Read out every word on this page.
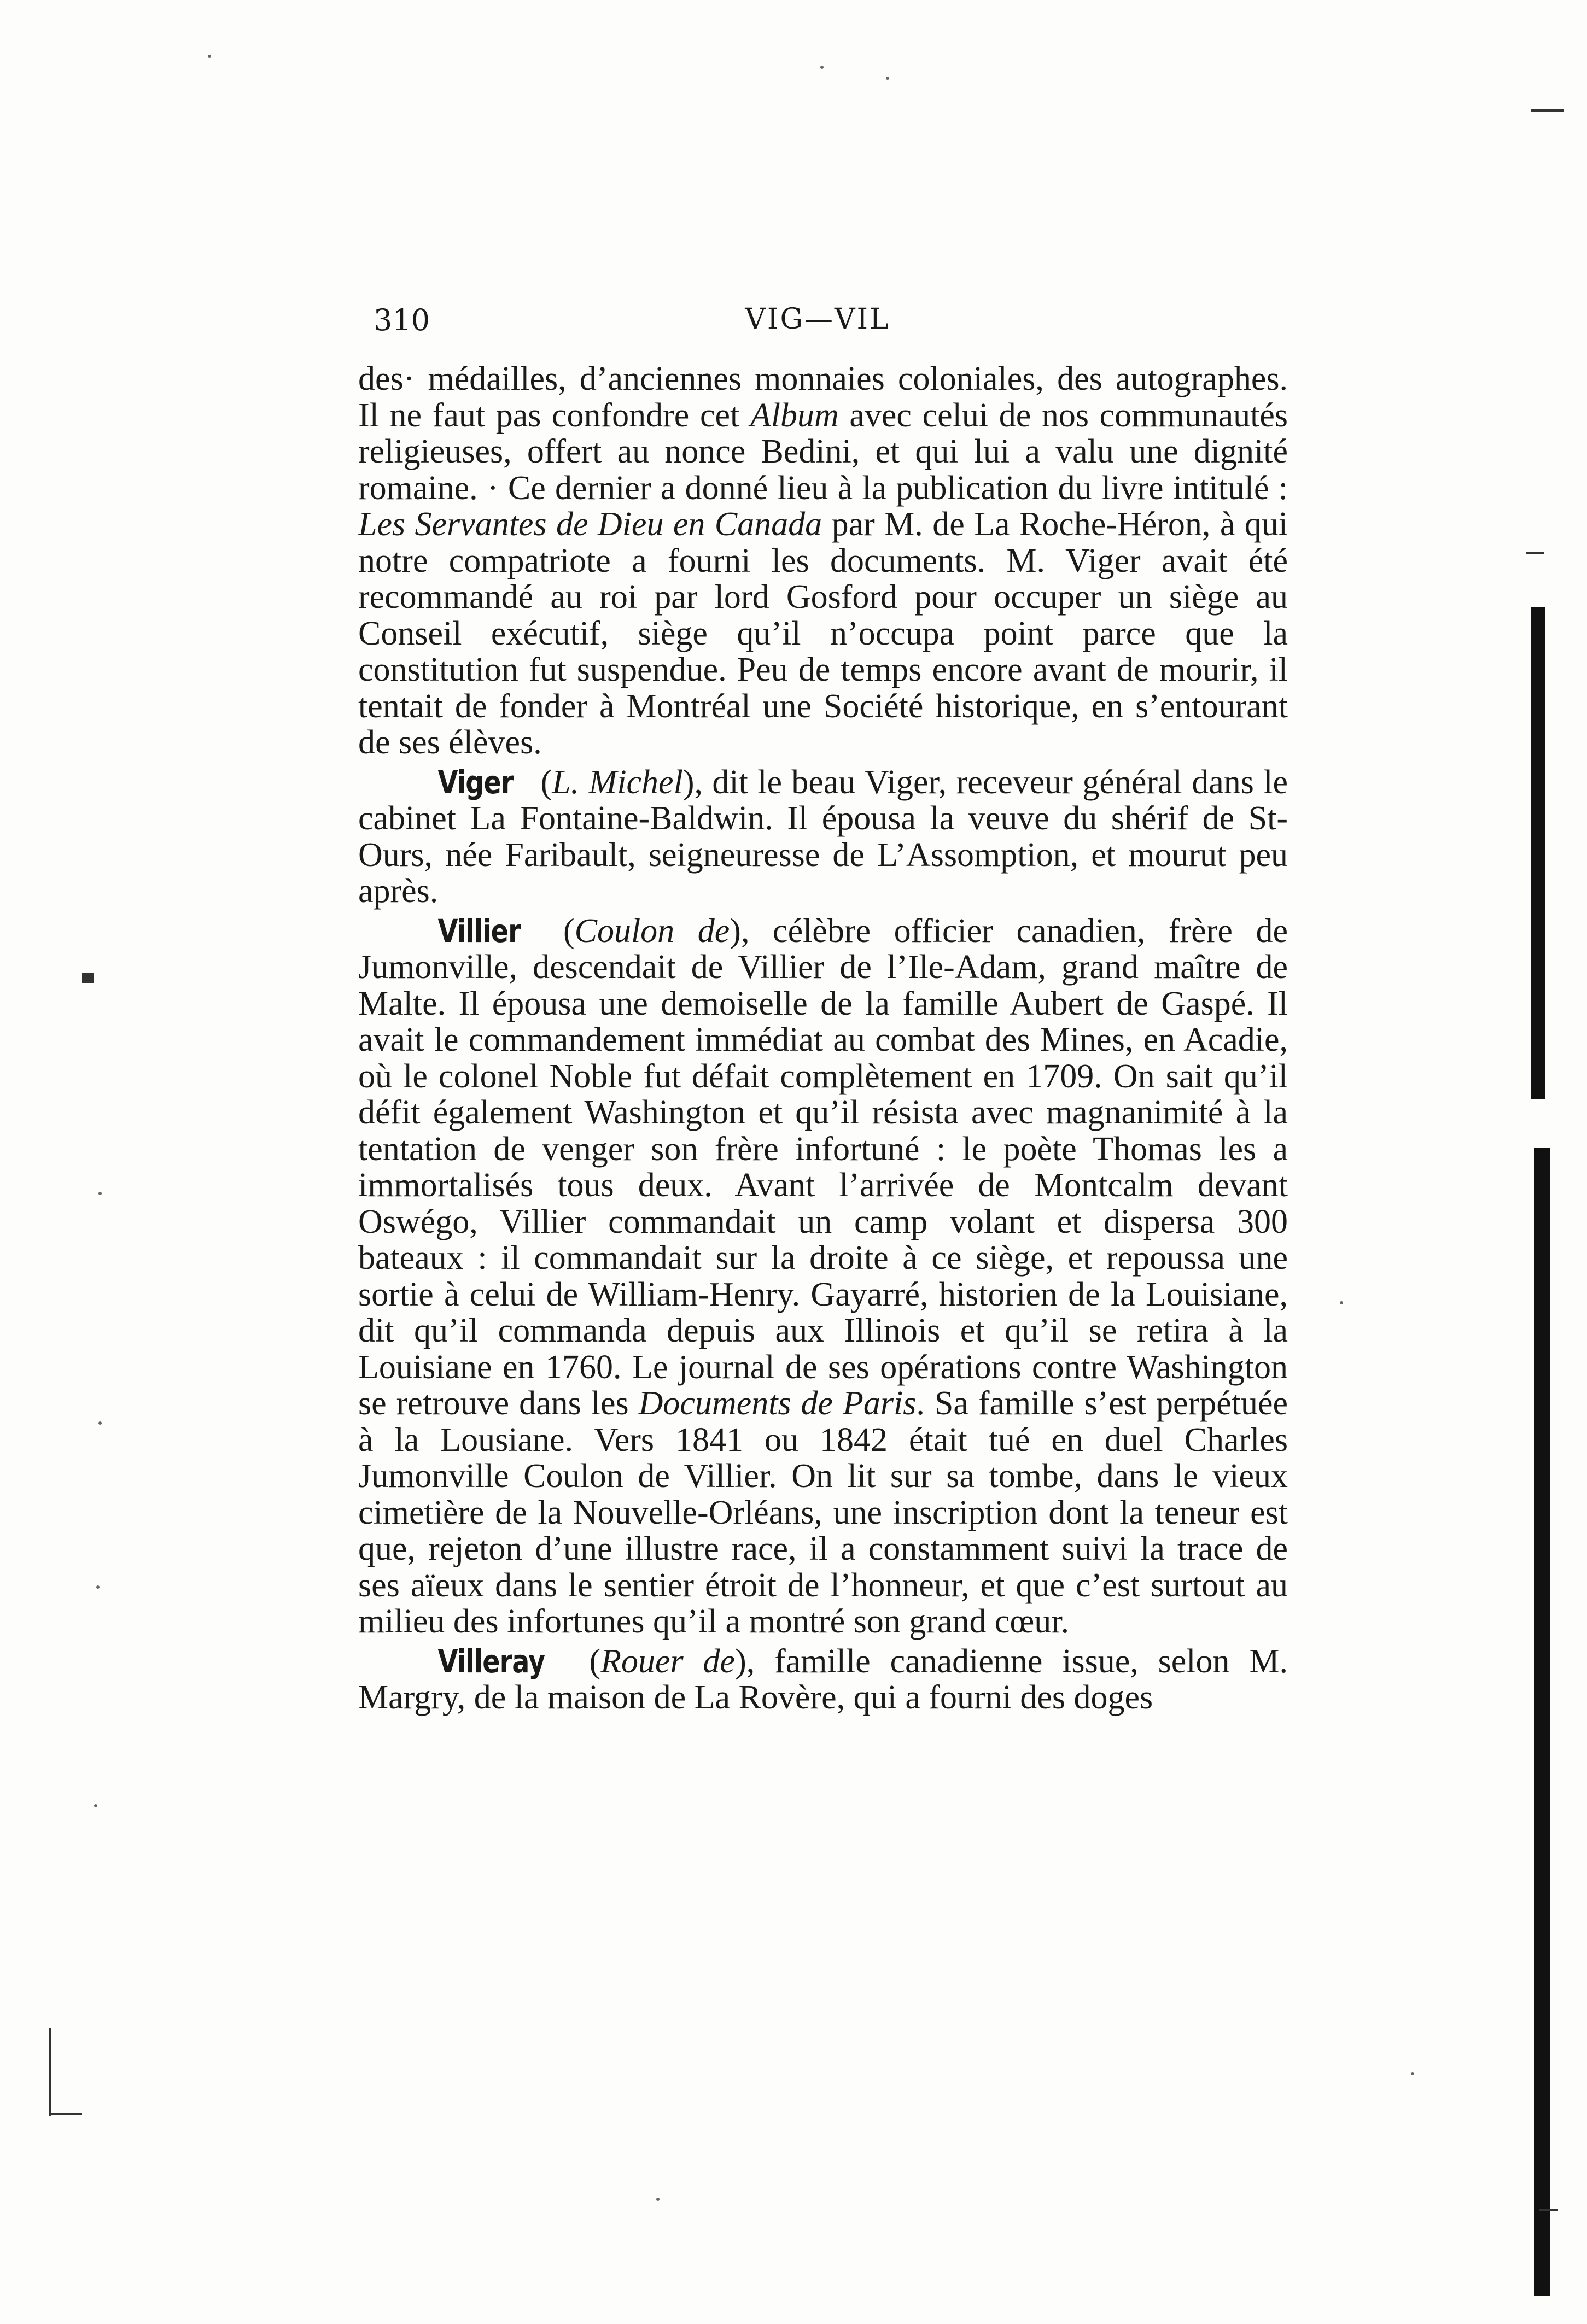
310	VIG—VIL

des· médailles, d’anciennes monnaies coloniales, des autographes. Il ne faut pas confondre cet Album avec celui de nos communautés religieuses, offert au nonce Bedini, et qui lui a valu une dignité romaine. · Ce dernier a donné lieu à la publication du livre intitulé : Les Servantes de Dieu en Canada par M. de La Roche-Héron, à qui notre compatriote a fourni les documents. M. Viger avait été recommandé au roi par lord Gosford pour occuper un siège au Conseil exécutif, siège qu’il n’occupa point parce que la constitution fut suspendue. Peu de temps encore avant de mourir, il tentait de fonder à Montréal une Société historique, en s’entourant de ses élèves.

Viger (L. Michel), dit le beau Viger, receveur général dans le cabinet La Fontaine-Baldwin. Il épousa la veuve du shérif de St-Ours, née Faribault, seigneuresse de L’Assomption, et mourut peu après.

Villier (Coulon de), célèbre officier canadien, frère de Jumonville, descendait de Villier de l’Ile-Adam, grand maître de Malte. Il épousa une demoiselle de la famille Aubert de Gaspé. Il avait le commandement immédiat au combat des Mines, en Acadie, où le colonel Noble fut défait complètement en 1709. On sait qu’il défit également Washington et qu’il résista avec magnanimité à la tentation de venger son frère infortuné : le poète Thomas les a immortalisés tous deux. Avant l’arrivée de Montcalm devant Oswégo, Villier commandait un camp volant et dispersa 300 bateaux : il commandait sur la droite à ce siège, et repoussa une sortie à celui de William-Henry. Gayarré, historien de la Louisiane, dit qu’il commanda depuis aux Illinois et qu’il se retira à la Louisiane en 1760. Le journal de ses opérations contre Washington se retrouve dans les Documents de Paris. Sa famille s’est perpétuée à la Lousiane. Vers 1841 ou 1842 était tué en duel Charles Jumonville Coulon de Villier. On lit sur sa tombe, dans le vieux cimetière de la Nouvelle-Orléans, une inscription dont la teneur est que, rejeton d’une illustre race, il a constamment suivi la trace de ses aïeux dans le sentier étroit de l’honneur, et que c’est surtout au milieu des infortunes qu’il a montré son grand cœur.

Villeray (Rouer de), famille canadienne issue, selon M. Margry, de la maison de La Rovère, qui a fourni des doges
